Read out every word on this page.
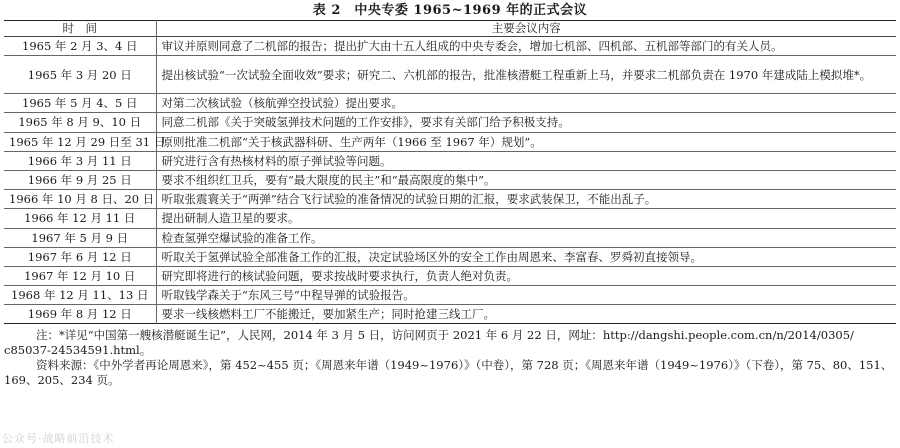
表 2　中央专委 1965~1969 年的正式会议
时　间	主要会议内容
1965 年 2 月 3、4 日	审议并原则同意了二机部的报告；提出扩大由十五人组成的中央专委会，增加七机部、四机部、五机部等部门的有关人员。
1965 年 3 月 20 日	提出核试验“一次试验全面收效”要求；研究二、六机部的报告，批准核潜艇工程重新上马，并要求二机部负责在 1970 年建成陆上模拟堆*。
1965 年 5 月 4、5 日	对第二次核试验（核航弹空投试验）提出要求。
1965 年 8 月 9、10 日	同意二机部《关于突破氢弹技术问题的工作安排》，要求有关部门给予积极支持。
1965 年 12 月 29 日至 31 日	原则批准二机部“关于核武器科研、生产两年（1966 至 1967 年）规划”。
1966 年 3 月 11 日	研究进行含有热核材料的原子弹试验等问题。
1966 年 9 月 25 日	要求不组织红卫兵，要有“最大限度的民主”和“最高限度的集中”。
1966 年 10 月 8 日、20 日	听取张震寰关于“两弹”结合飞行试验的准备情况的试验日期的汇报，要求武装保卫，不能出乱子。
1966 年 12 月 11 日	提出研制人造卫星的要求。
1967 年 5 月 9 日	检查氢弹空爆试验的准备工作。
1967 年 6 月 12 日	听取关于氢弹试验全部准备工作的汇报，决定试验场区外的安全工作由周恩来、李富春、罗舜初直接领导。
1967 年 12 月 10 日	研究即将进行的核试验问题，要求按战时要求执行，负责人绝对负责。
1968 年 12 月 11、13 日	听取钱学森关于“东风三号”中程导弹的试验报告。
1969 年 8 月 12 日	要求一线核燃料工厂不能搬迁，要加紧生产；同时抢建三线工厂。
注：*详见“中国第一艘核潜艇诞生记”，人民网，2014 年 3 月 5 日，访问网页于 2021 年 6 月 22 日，网址：http://dangshi.people.com.cn/n/2014/0305/
c85037-24534591.html。
资料来源：《中外学者再论周恩来》，第 452~455 页；《周恩来年谱（1949~1976）》（中卷），第 728 页；《周恩来年谱（1949~1976）》（下卷），第 75、80、151、
169、205、234 页。
公众号·战略前沿技术
